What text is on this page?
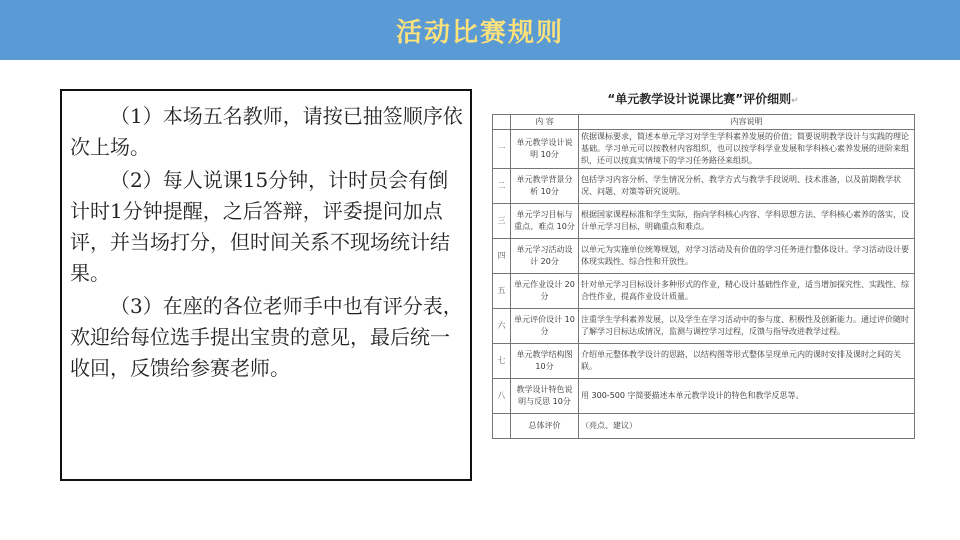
活动比赛规则

（1）本场五名教师，请按已抽签顺序依次上场。

（2）每人说课15分钟，计时员会有倒计时1分钟提醒，之后答辩，评委提问加点评，并当场打分，但时间关系不现场统计结果。

（3）在座的各位老师手中也有评分表，欢迎给每位选手提出宝贵的意见，最后统一收回，反馈给参赛老师。

“单元教学设计说课比赛”评价细则↵
	内 容	内容说明
一	单元教学设计说明 10分	依据课标要求，简述本单元学习对学生学科素养发展的价值；简要说明教学设计与实践的理论基础。学习单元可以按教材内容组织，也可以按学科学业发展和学科核心素养发展的进阶来组织，还可以按真实情境下的学习任务路径来组织。
二	单元教学背景分析 10分	包括学习内容分析、学生情况分析、教学方式与教学手段说明、技术准备，以及前期教学状况、问题、对策等研究说明。
三	单元学习目标与重点、难点 10分	根据国家课程标准和学生实际，指向学科核心内容、学科思想方法、学科核心素养的落实，设计单元学习目标，明确重点和难点。
四	单元学习活动设计 20分	以单元为实施单位统筹规划，对学习活动及有价值的学习任务进行整体设计。学习活动设计要体现实践性、综合性和开放性。
五	单元作业设计 20分	针对单元学习目标设计多种形式的作业，精心设计基础性作业，适当增加探究性、实践性、综合性作业，提高作业设计质量。
六	单元评价设计 10分	注重学生学科素养发展，以及学生在学习活动中的参与度、积极性及创新能力。通过评价随时了解学习目标达成情况，监测与调控学习过程，反馈与指导改进教学过程。
七	单元教学结构图 10分	介绍单元整体教学设计的思路，以结构图等形式整体呈现单元内的课时安排及课时之间的关联。
八	教学设计特色说明与反思 10分	用 300-500 字简要描述本单元教学设计的特色和教学反思等。
	总体评价	（亮点、建议）
